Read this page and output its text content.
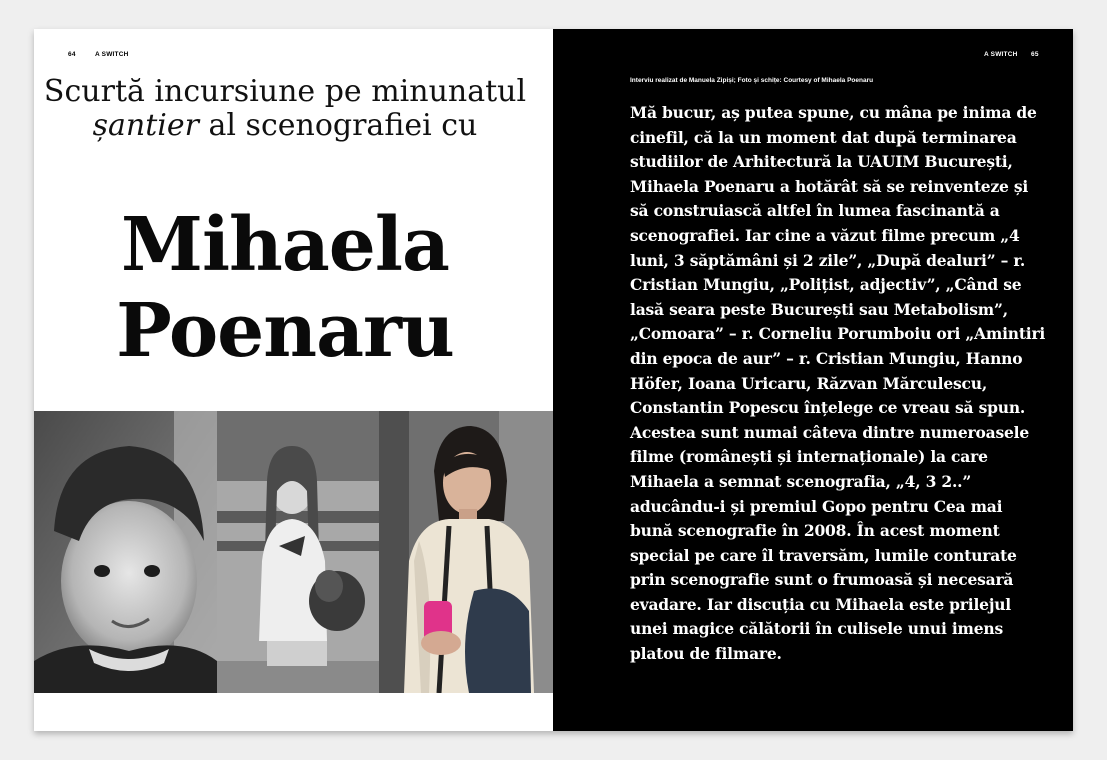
64	A SWITCH
Scurtă incursiune pe minunatul șantier al scenografiei cu
Mihaela
Poenaru
A SWITCH 65
Interviu realizat de Manuela Zipiși; Foto și schițe: Courtesy of Mihaela Poenaru

Mă bucur, aș putea spune, cu mâna pe inima de cinefil, că la un moment dat după terminarea studiilor de Arhitectură la UAUIM București, Mihaela Poenaru a hotărât să se reinventeze și să construiască altfel în lumea fascinantă a scenografiei. Iar cine a văzut filme precum „4 luni, 3 săptămâni și 2 zile”, „După dealuri” – r. Cristian Mungiu, „Polițist, adjectiv”, „Când se lasă seara peste București sau Metabolism”, „Comoara” – r. Corneliu Porumboiu ori „Amintiri din epoca de aur” – r. Cristian Mungiu, Hanno Höfer, Ioana Uricaru, Răzvan Mărculescu, Constantin Popescu înțelege ce vreau să spun. Acestea sunt numai câteva dintre numeroasele filme (românești și internaționale) la care Mihaela a semnat scenografia, „4, 3 2..” aducându-i și premiul Gopo pentru Cea mai bună scenografie în 2008. În acest moment special pe care îl traversăm, lumile conturate prin scenografie sunt o frumoasă și necesară evadare. Iar discuția cu Mihaela este prilejul unei magice călătorii în culisele unui imens platou de filmare.
